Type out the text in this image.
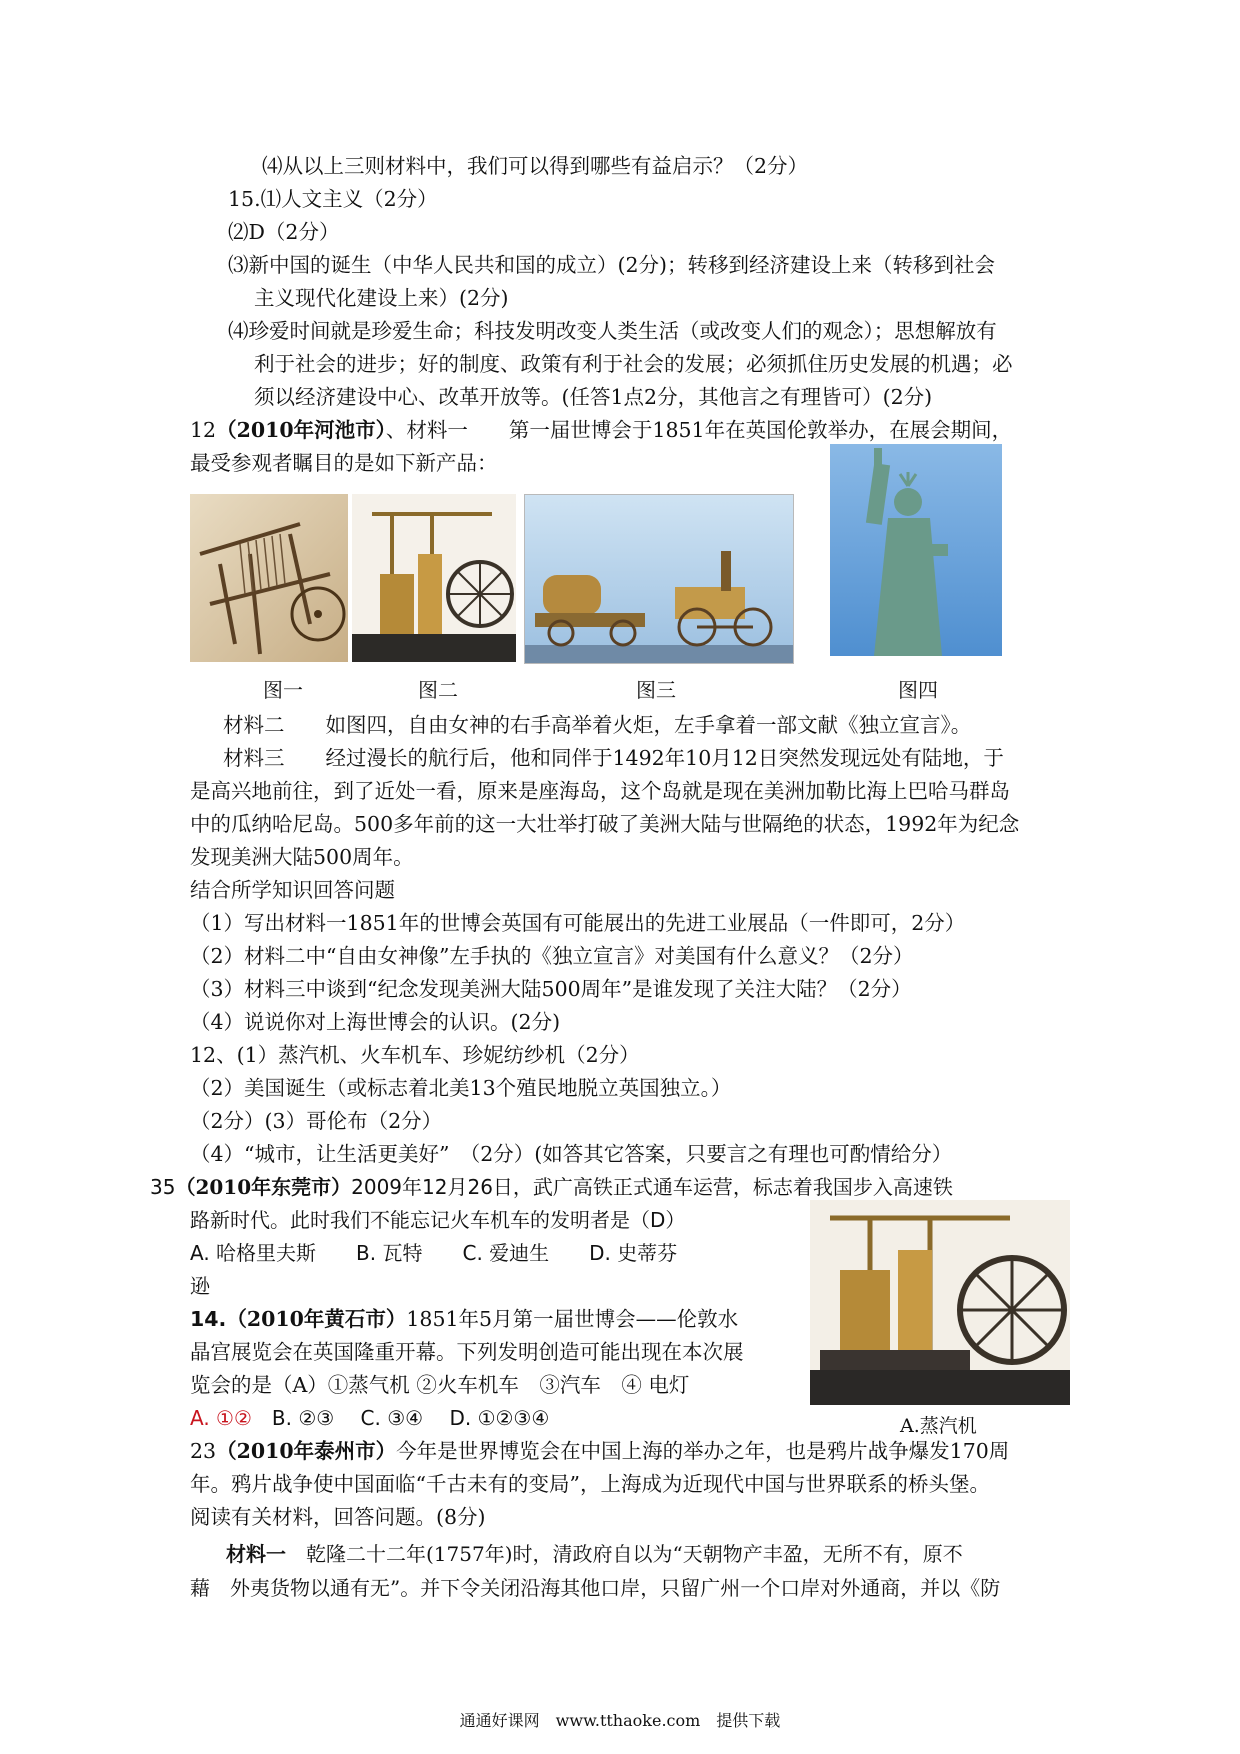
⑷从以上三则材料中，我们可以得到哪些有益启示？（2分）
15.⑴人文主义（2分）
⑵D（2分）
⑶新中国的诞生（中华人民共和国的成立）(2分)；转移到经济建设上来（转移到社会
主义现代化建设上来）(2分)
⑷珍爱时间就是珍爱生命；科技发明改变人类生活（或改变人们的观念）；思想解放有
利于社会的进步；好的制度、政策有利于社会的发展；必须抓住历史发展的机遇；必
须以经济建设中心、改革开放等。(任答1点2分，其他言之有理皆可）(2分)
12（2010年河池市）、材料一　　第一届世博会于1851年在英国伦敦举办，在展会期间，
最受参观者瞩目的是如下新产品：
图一	图二	图三	图四
材料二　　如图四，自由女神的右手高举着火炬，左手拿着一部文献《独立宣言》。
材料三　　经过漫长的航行后，他和同伴于1492年10月12日突然发现远处有陆地，于
是高兴地前往，到了近处一看，原来是座海岛，这个岛就是现在美洲加勒比海上巴哈马群岛
中的瓜纳哈尼岛。500多年前的这一大壮举打破了美洲大陆与世隔绝的状态，1992年为纪念
发现美洲大陆500周年。
结合所学知识回答问题
（1）写出材料一1851年的世博会英国有可能展出的先进工业展品（一件即可，2分）
（2）材料二中“自由女神像”左手执的《独立宣言》对美国有什么意义？（2分）
（3）材料三中谈到“纪念发现美洲大陆500周年”是谁发现了关注大陆？（2分）
（4）说说你对上海世博会的认识。(2分)
12、(1）蒸汽机、火车机车、珍妮纺纱机（2分）
（2）美国诞生（或标志着北美13个殖民地脱立英国独立。）
（2分）(3）哥伦布（2分）
（4）“城市，让生活更美好”　（2分）(如答其它答案，只要言之有理也可酌情给分）
35（2010年东莞市）2009年12月26日，武广高铁正式通车运营，标志着我国步入高速铁
路新时代。此时我们不能忘记火车机车的发明者是（D）
A. 哈格里夫斯　　B. 瓦特　　C. 爱迪生　　D. 史蒂芬
逊
14.（2010年黄石市）1851年5月第一届世博会——伦敦水
晶宫展览会在英国隆重开幕。下列发明创造可能出现在本次展
览会的是（A）①蒸气机 ②火车机车　③汽车　④ 电灯
A. ①②　B. ②③　 C. ③④　 D. ①②③④	A.蒸汽机
23（2010年泰州市）今年是世界博览会在中国上海的举办之年，也是鸦片战争爆发170周
年。鸦片战争使中国面临“千古未有的变局”，上海成为近现代中国与世界联系的桥头堡。
阅读有关材料，回答问题。(8分)
材料一　乾隆二十二年(1757年)时，清政府自以为“天朝物产丰盈，无所不有，原不
藉　外夷货物以通有无”。并下令关闭沿海其他口岸，只留广州一个口岸对外通商，并以《防
通通好课网　www.tthaoke.com　提供下载
